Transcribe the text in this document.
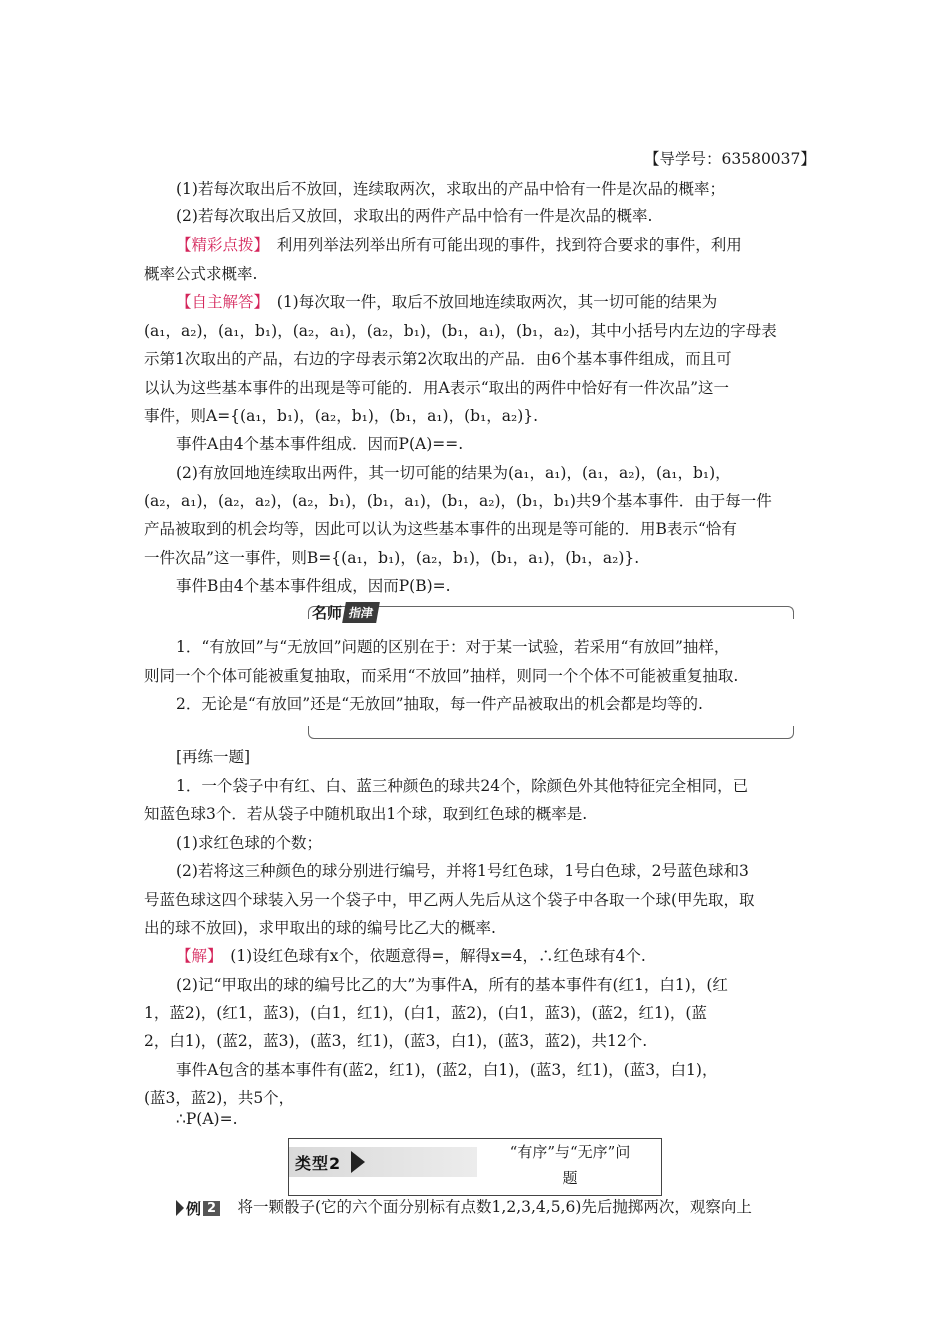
【导学号：63580037】
(1)若每次取出后不放回，连续取两次，求取出的产品中恰有一件是次品的概率；
(2)若每次取出后又放回，求取出的两件产品中恰有一件是次品的概率.
【精彩点拨】　利用列举法列举出所有可能出现的事件，找到符合要求的事件，利用
概率公式求概率.
【自主解答】　(1)每次取一件，取后不放回地连续取两次，其一切可能的结果为
(a₁，a₂)，(a₁，b₁)，(a₂，a₁)，(a₂，b₁)，(b₁，a₁)，(b₁，a₂)，其中小括号内左边的字母表
示第1次取出的产品，右边的字母表示第2次取出的产品．由6个基本事件组成，而且可
以认为这些基本事件的出现是等可能的．用A表示“取出的两件中恰好有一件次品”这一
事件，则A={(a₁，b₁)，(a₂，b₁)，(b₁，a₁)，(b₁，a₂)}.
事件A由4个基本事件组成．因而P(A)==.
(2)有放回地连续取出两件，其一切可能的结果为(a₁，a₁)，(a₁，a₂)，(a₁，b₁)，
(a₂，a₁)，(a₂，a₂)，(a₂，b₁)，(b₁，a₁)，(b₁，a₂)，(b₁，b₁)共9个基本事件．由于每一件
产品被取到的机会均等，因此可以认为这些基本事件的出现是等可能的．用B表示“恰有
一件次品”这一事件，则B={(a₁，b₁)，(a₂，b₁)，(b₁，a₁)，(b₁，a₂)}.
事件B由4个基本事件组成，因而P(B)=.
名师 指津
1．“有放回”与“无放回”问题的区别在于：对于某一试验，若采用“有放回”抽样，
则同一个个体可能被重复抽取，而采用“不放回”抽样，则同一个个体不可能被重复抽取.
2．无论是“有放回”还是“无放回”抽取，每一件产品被取出的机会都是均等的.
[再练一题]
1．一个袋子中有红、白、蓝三种颜色的球共24个，除颜色外其他特征完全相同，已
知蓝色球3个．若从袋子中随机取出1个球，取到红色球的概率是.
(1)求红色球的个数；
(2)若将这三种颜色的球分别进行编号，并将1号红色球，1号白色球，2号蓝色球和3
号蓝色球这四个球装入另一个袋子中，甲乙两人先后从这个袋子中各取一个球(甲先取，取
出的球不放回)，求甲取出的球的编号比乙大的概率.
【解】　(1)设红色球有x个，依题意得=，解得x=4，∴红色球有4个.
(2)记“甲取出的球的编号比乙的大”为事件A，所有的基本事件有(红1，白1)，(红
1，蓝2)，(红1，蓝3)，(白1，红1)，(白1，蓝2)，(白1，蓝3)，(蓝2，红1)，(蓝
2，白1)，(蓝2，蓝3)，(蓝3，红1)，(蓝3，白1)，(蓝3，蓝2)，共12个.
事件A包含的基本事件有(蓝2，红1)，(蓝2，白1)，(蓝3，红1)，(蓝3，白1)，
(蓝3，蓝2)，共5个，
∴P(A)=.
类型2
“有序”与“无序”问
题
例 2 　将一颗骰子(它的六个面分别标有点数1,2,3,4,5,6)先后抛掷两次，观察向上
